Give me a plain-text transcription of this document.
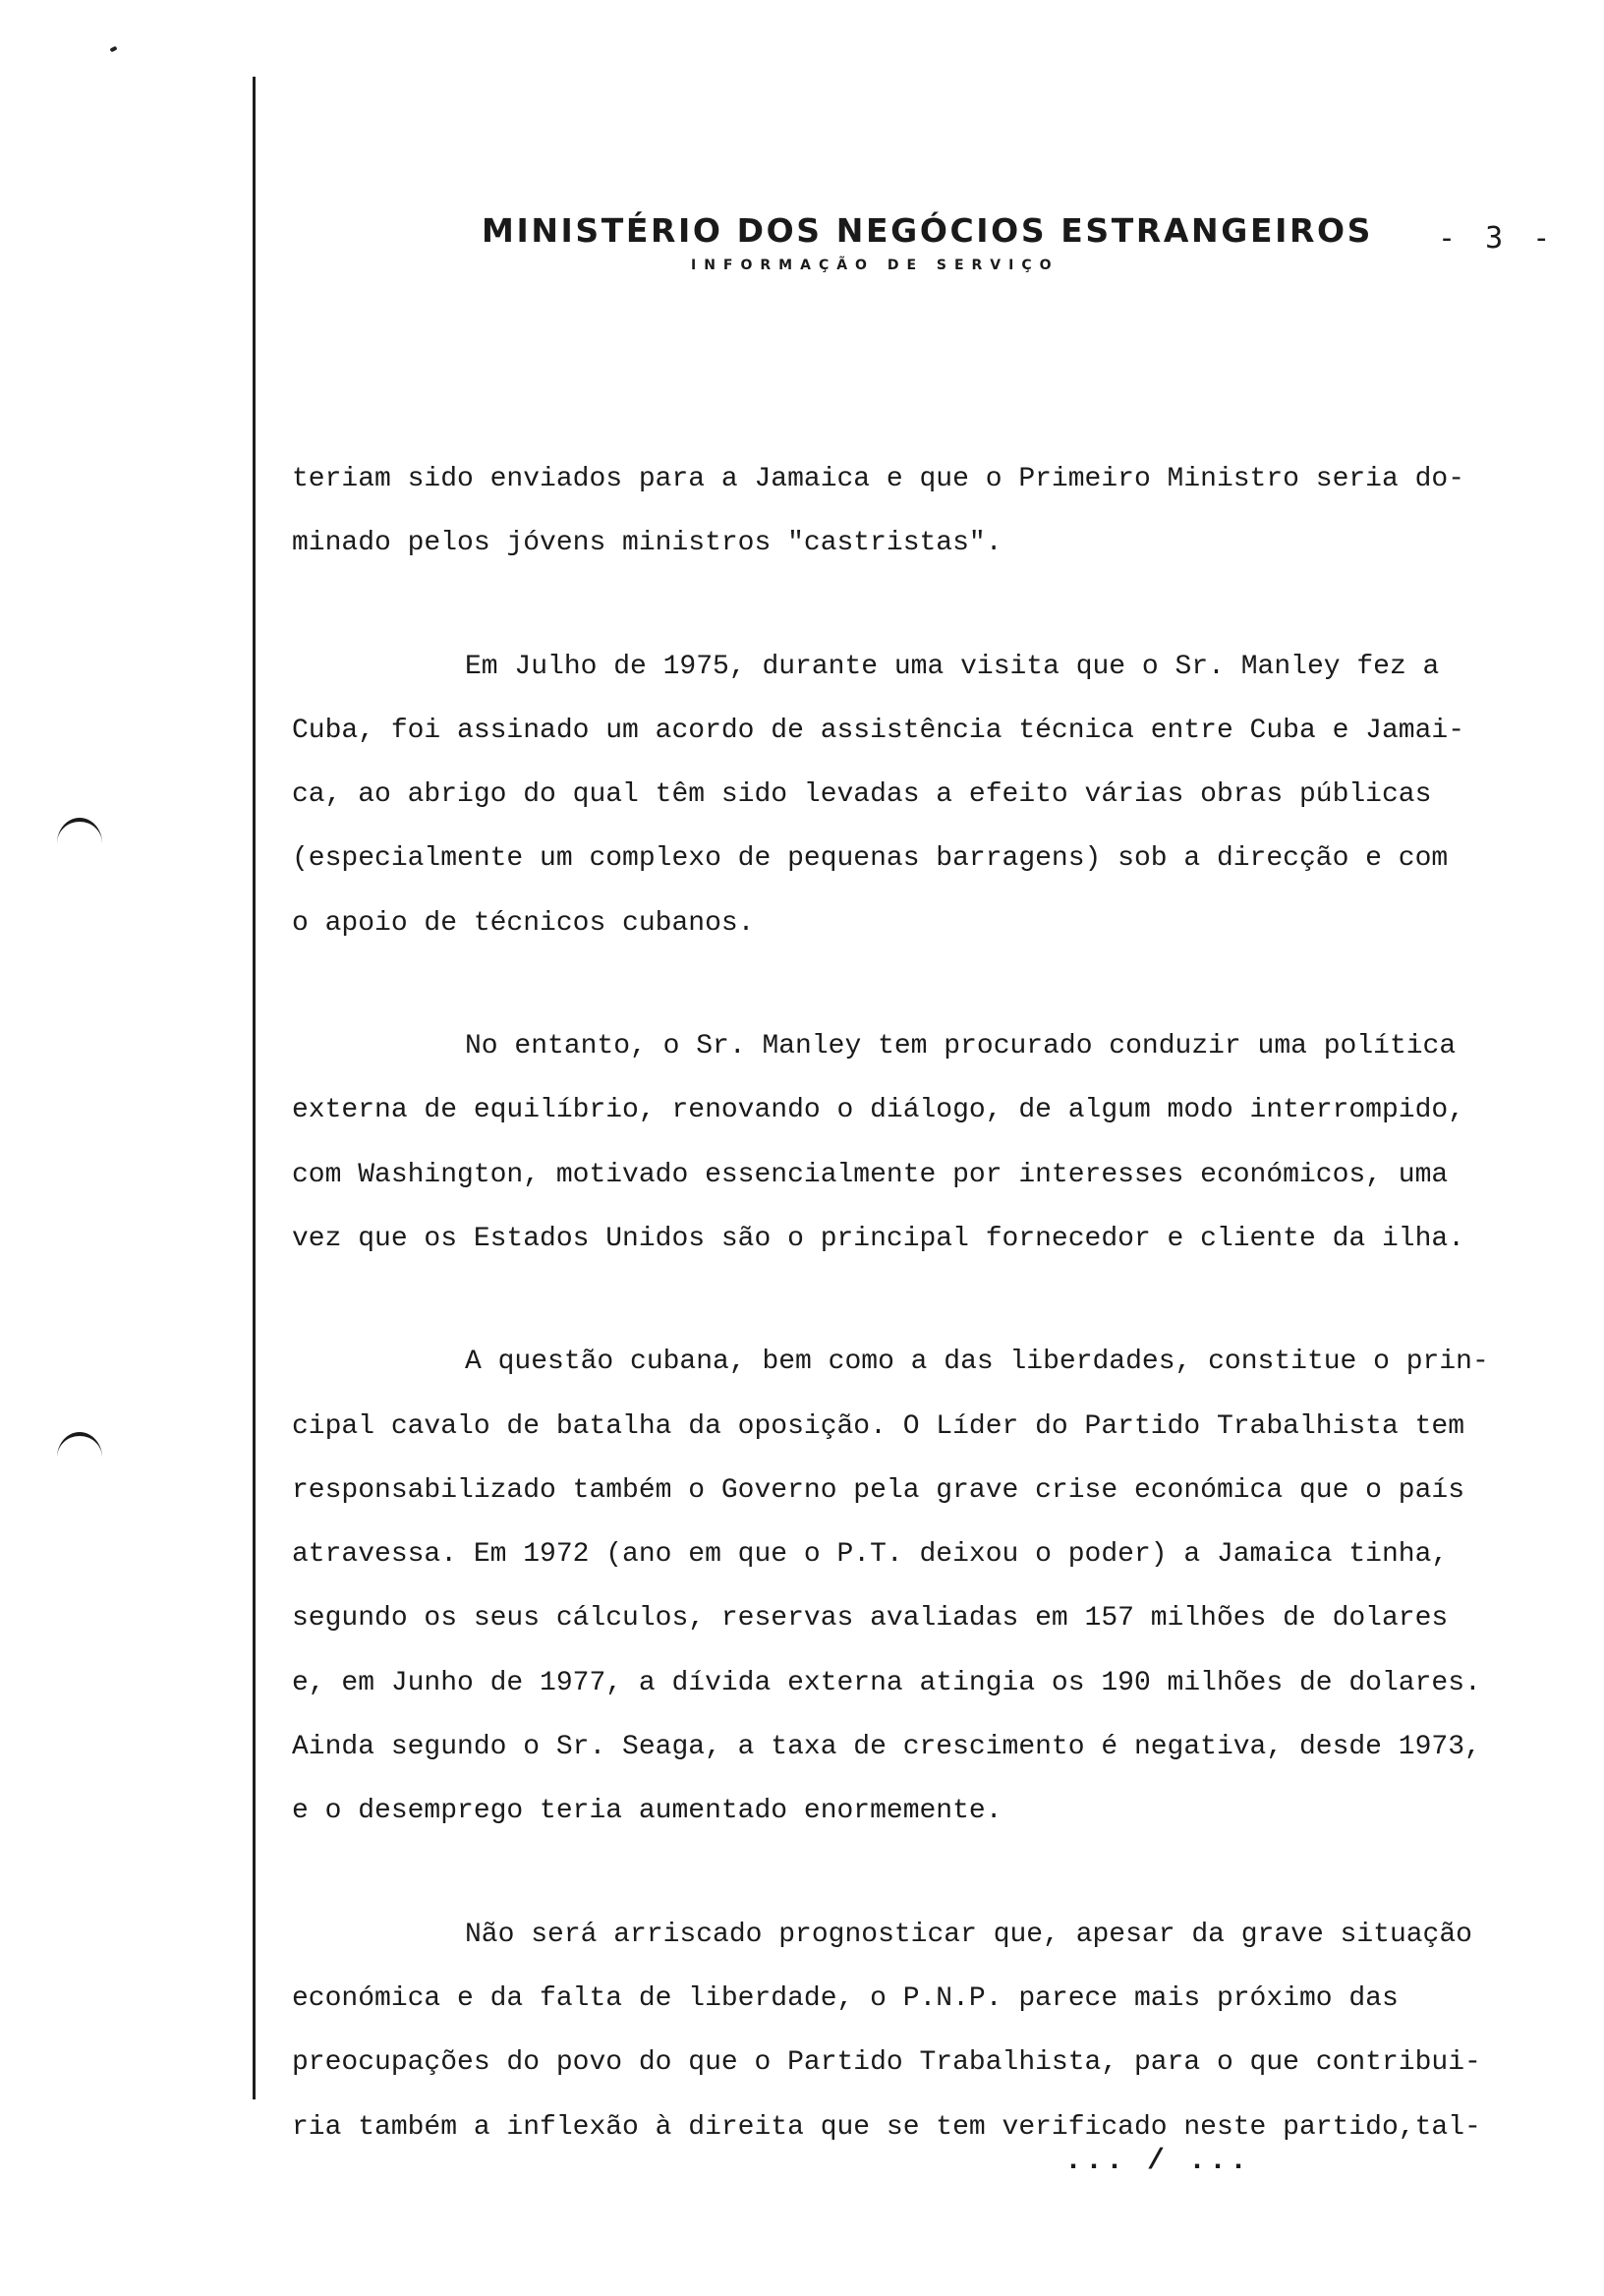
MINISTÉRIO DOS NEGÓCIOS ESTRANGEIROS
INFORMAÇÃO DE SERVIÇO
- 3 -
teriam sido enviados para a Jamaica e que o Primeiro Ministro seria do-
minado pelos jóvens ministros "castristas".
Em Julho de 1975, durante uma visita que o Sr. Manley fez a
Cuba, foi assinado um acordo de assistência técnica entre Cuba e Jamai-
ca, ao abrigo do qual têm sido levadas a efeito várias obras públicas
(especialmente um complexo de pequenas barragens) sob a direcção e com
o apoio de técnicos cubanos.
No entanto, o Sr. Manley tem procurado conduzir uma política
externa de equilíbrio, renovando o diálogo, de algum modo interrompido,
com Washington, motivado essencialmente por interesses económicos, uma
vez que os Estados Unidos são o principal fornecedor e cliente da ilha.
A questão cubana, bem como a das liberdades, constitue o prin-
cipal cavalo de batalha da oposição. O Líder do Partido Trabalhista tem
responsabilizado também o Governo pela grave crise económica que o país
atravessa. Em 1972 (ano em que o P.T. deixou o poder) a Jamaica tinha,
segundo os seus cálculos, reservas avaliadas em 157 milhões de dolares
e, em Junho de 1977, a dívida externa atingia os 190 milhões de dolares.
Ainda segundo o Sr. Seaga, a taxa de crescimento é negativa, desde 1973,
e o desemprego teria aumentado enormemente.
Não será arriscado prognosticar que, apesar da grave situação
económica e da falta de liberdade, o P.N.P. parece mais próximo das
preocupações do povo do que o Partido Trabalhista, para o que contribui-
ria também a inflexão à direita que se tem verificado neste partido,tal-
... / ...
